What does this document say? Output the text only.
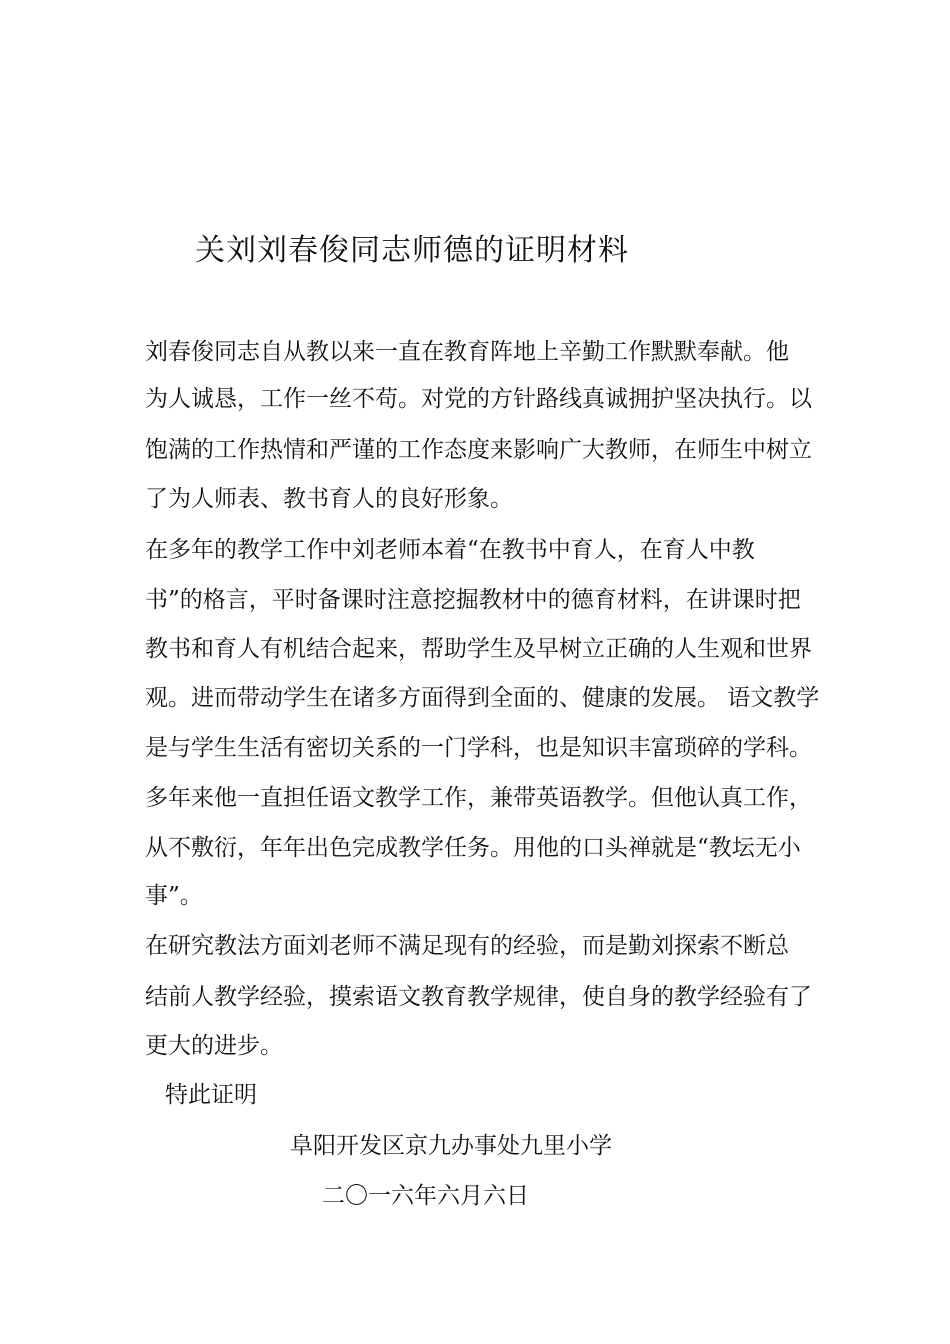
关刘刘春俊同志师德的证明材料
刘春俊同志自从教以来一直在教育阵地上辛勤工作默默奉献。他
为人诚恳，工作一丝不苟。对党的方针路线真诚拥护坚决执行。以
饱满的工作热情和严谨的工作态度来影响广大教师，在师生中树立
了为人师表、教书育人的良好形象。
在多年的教学工作中刘老师本着“在教书中育人，在育人中教
书”的格言，平时备课时注意挖掘教材中的德育材料，在讲课时把
教书和育人有机结合起来，帮助学生及早树立正确的人生观和世界
观。进而带动学生在诸多方面得到全面的、健康的发展。 语文教学
是与学生生活有密切关系的一门学科，也是知识丰富琐碎的学科。
多年来他一直担任语文教学工作，兼带英语教学。但他认真工作，
从不敷衍，年年出色完成教学任务。用他的口头禅就是“教坛无小
事”。
在研究教法方面刘老师不满足现有的经验，而是勤刘探索不断总
结前人教学经验，摸索语文教育教学规律，使自身的教学经验有了
更大的进步。
特此证明
阜阳开发区京九办事处九里小学
二〇一六年六月六日
